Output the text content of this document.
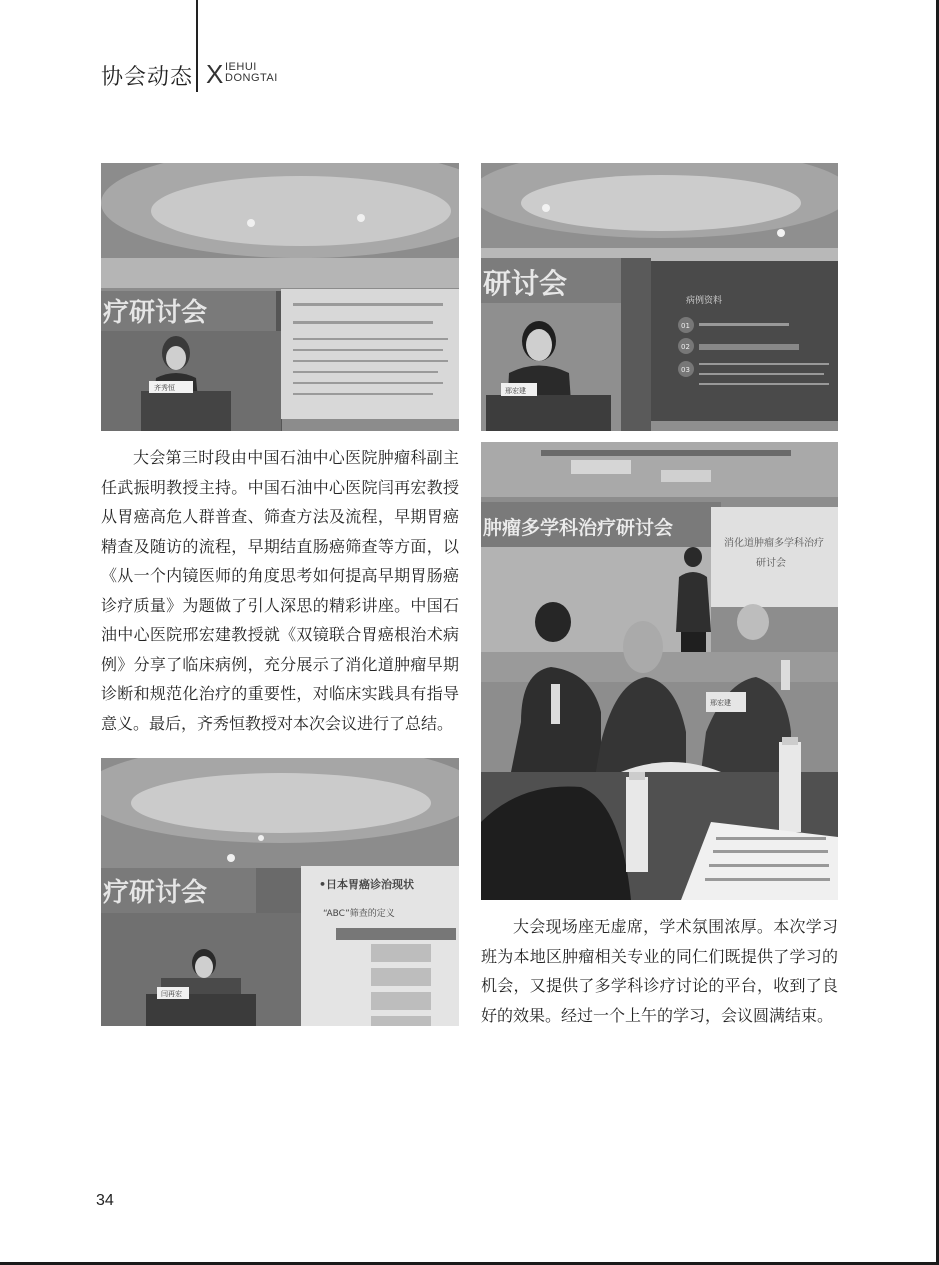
协会动态 X IEHUI
DONGTAI
疗研讨会
齐秀恒
研讨会
病例资料
01
02
03
邢宏建
肿瘤多学科治疗研讨会
消化道肿瘤多学科治疗
研讨会
邢宏建
疗研讨会	•日本胃癌诊治现状
“ABC”筛查的定义
闫再宏

大会第三时段由中国石油中心医院肿瘤科副主任武振明教授主持。中国石油中心医院闫再宏教授从胃癌高危人群普查、筛查方法及流程，早期胃癌精查及随访的流程，早期结直肠癌筛查等方面，以《从一个内镜医师的角度思考如何提高早期胃肠癌诊疗质量》为题做了引人深思的精彩讲座。中国石油中心医院邢宏建教授就《双镜联合胃癌根治术病例》分享了临床病例，充分展示了消化道肿瘤早期诊断和规范化治疗的重要性，对临床实践具有指导意义。最后，齐秀恒教授对本次会议进行了总结。

大会现场座无虚席，学术氛围浓厚。本次学习班为本地区肿瘤相关专业的同仁们既提供了学习的机会，又提供了多学科诊疗讨论的平台，收到了良好的效果。经过一个上午的学习，会议圆满结束。

34
